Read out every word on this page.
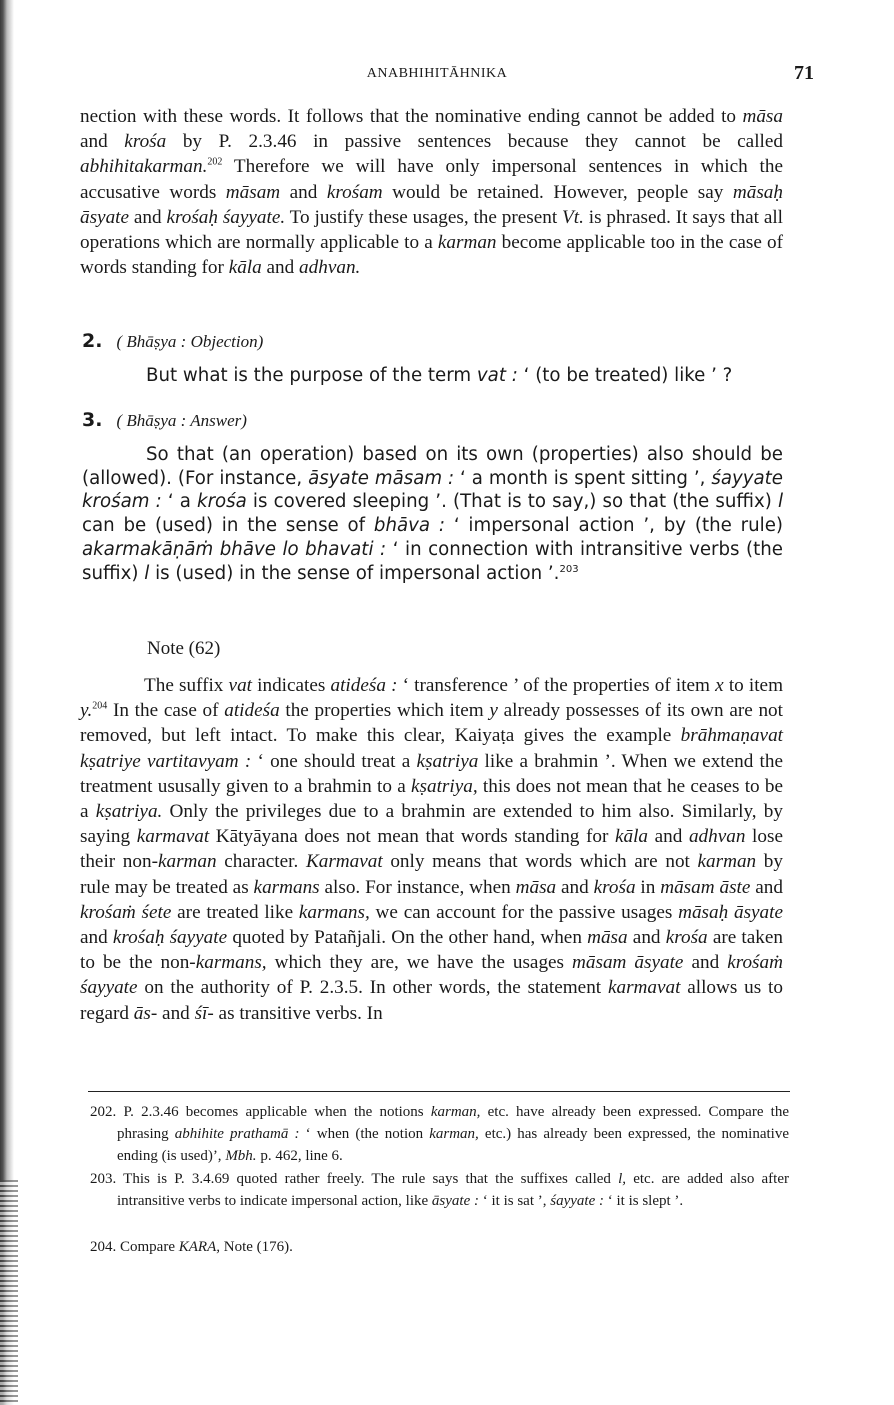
ANABHIHITĀHNIKA	71

nection with these words. It follows that the nominative ending cannot be added to māsa and krośa by P. 2.3.46 in passive sentences because they cannot be called abhihitakarman.$^{202}$ Therefore we will have only impersonal sentences in which the accusative words māsam and krośam would be retained. However, people say māsaḥ āsyate and krośaḥ śayyate. To justify these usages, the present Vt. is phrased. It says that all operations which are normally applicable to a karman become applicable too in the case of words standing for kāla and adhvan.

2. ( Bhāṣya : Objection)

But what is the purpose of the term vat : ‘ (to be treated) like ’ ?

3. ( Bhāṣya : Answer)

So that (an operation) based on its own (properties) also should be (allowed). (For instance, āsyate māsam : ‘ a month is spent sitting ’, śayyate krośam : ‘ a krośa is covered sleeping ’. (That is to say,) so that (the suffix) l can be (used) in the sense of bhāva : ‘ impersonal action ’, by (the rule) akarmakāṇāṁ bhāve lo bhavati : ‘ in connection with intransitive verbs (the suffix) l is (used) in the sense of impersonal action ’.$^{203}$

Note (62)

The suffix vat indicates atideśa : ‘ transference ’ of the properties of item x to item y.$^{204}$ In the case of atideśa the properties which item y already possesses of its own are not removed, but left intact. To make this clear, Kaiyaṭa gives the example brāhmaṇavat kṣatriye vartitavyam : ‘ one should treat a kṣatriya like a brahmin ’. When we extend the treatment ususally given to a brahmin to a kṣatriya, this does not mean that he ceases to be a kṣatriya. Only the privileges due to a brahmin are extended to him also. Similarly, by saying karmavat Kātyāyana does not mean that words standing for kāla and adhvan lose their non-karman character. Karmavat only means that words which are not karman by rule may be treated as karmans also. For instance, when māsa and krośa in māsam āste and krośaṁ śete are treated like karmans, we can account for the passive usages māsaḥ āsyate and krośaḥ śayyate quoted by Patañjali. On the other hand, when māsa and krośa are taken to be the non-karmans, which they are, we have the usages māsam āsyate and krośaṁ śayyate on the authority of P. 2.3.5. In other words, the statement karmavat allows us to regard ās- and śī- as transitive verbs. In

202. P. 2.3.46 becomes applicable when the notions karman, etc. have already been expressed. Compare the phrasing abhihite prathamā : ‘ when (the notion karman, etc.) has already been expressed, the nominative ending (is used)’, Mbh. p. 462, line 6.

203. This is P. 3.4.69 quoted rather freely. The rule says that the suffixes called l, etc. are added also after intransitive verbs to indicate impersonal action, like āsyate : ‘ it is sat ’, śayyate : ‘ it is slept ’.

204. Compare KARA, Note (176).
